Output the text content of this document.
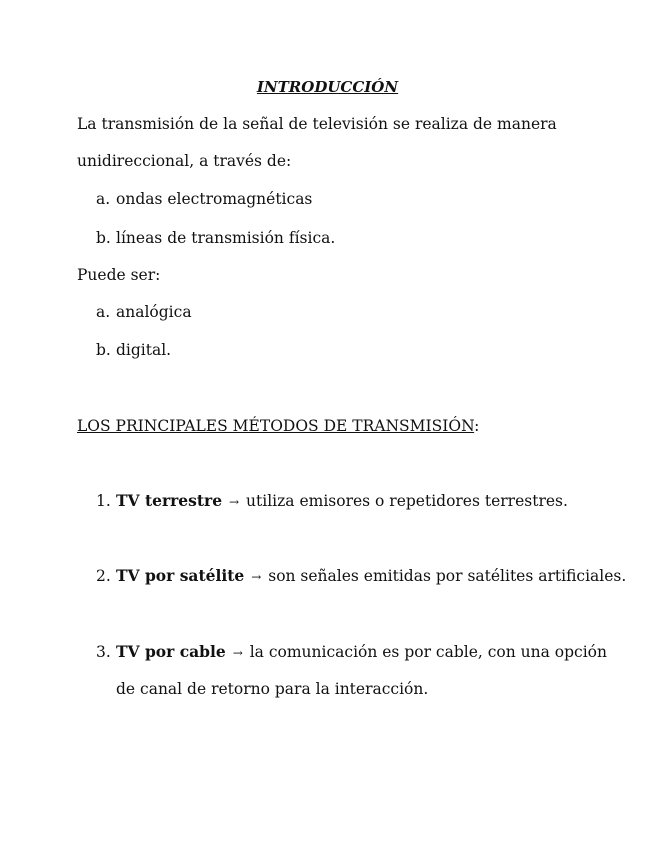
INTRODUCCIÓN
La transmisión de la señal de televisión se realiza de manera
unidireccional, a través de:
a. ondas electromagnéticas
b. líneas de transmisión física.
Puede ser:
a. analógica
b. digital.
LOS PRINCIPALES MÉTODOS DE TRANSMISIÓN:
1. TV terrestre → utiliza emisores o repetidores terrestres.
2. TV por satélite → son señales emitidas por satélites artificiales.
3. TV por cable → la comunicación es por cable, con una opción
de canal de retorno para la interacción.
